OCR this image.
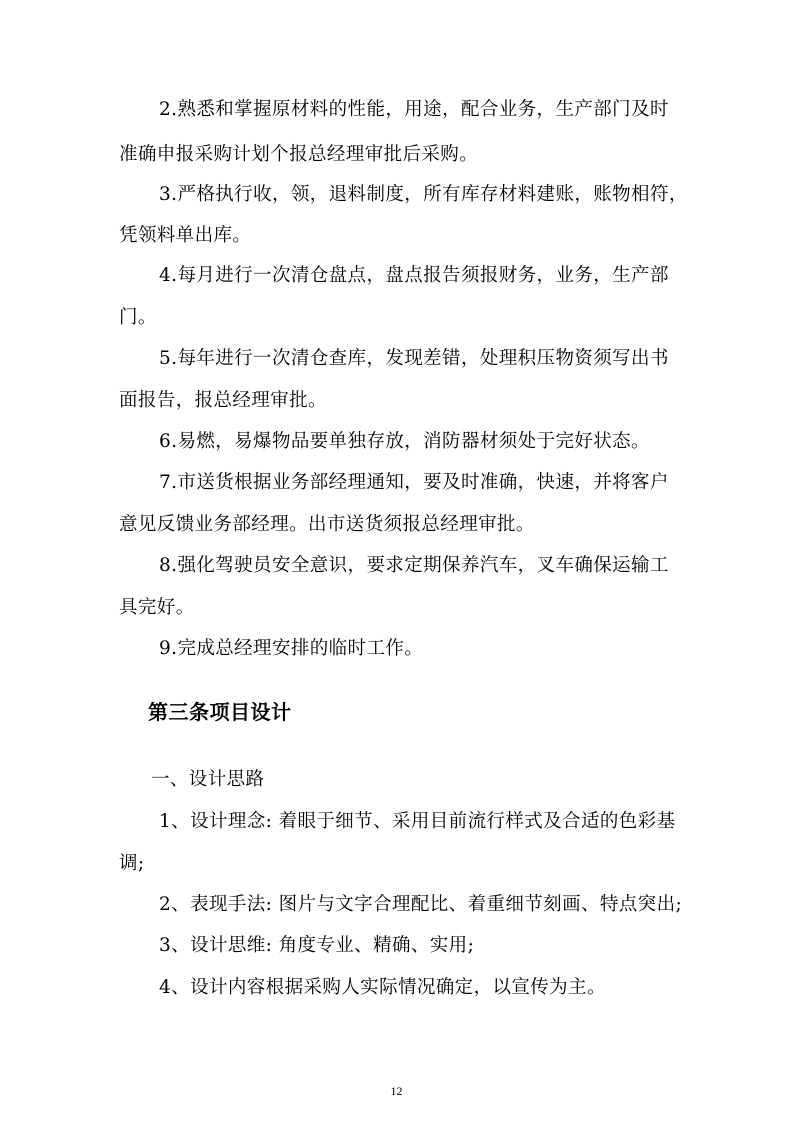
2.熟悉和掌握原材料的性能，用途，配合业务，生产部门及时
准确申报采购计划个报总经理审批后采购。
3.严格执行收，领，退料制度，所有库存材料建账，账物相符，
凭领料单出库。
4.每月进行一次清仓盘点，盘点报告须报财务，业务，生产部
门。
5.每年进行一次清仓查库，发现差错，处理积压物资须写出书
面报告，报总经理审批。
6.易燃，易爆物品要单独存放，消防器材须处于完好状态。
7.市送货根据业务部经理通知，要及时准确，快速，并将客户
意见反馈业务部经理。出市送货须报总经理审批。
8.强化驾驶员安全意识，要求定期保养汽车，叉车确保运输工
具完好。
9.完成总经理安排的临时工作。
第三条项目设计
一、设计思路
1、设计理念: 着眼于细节、采用目前流行样式及合适的色彩基
调;
2、表现手法: 图片与文字合理配比、着重细节刻画、特点突出;
3、设计思维: 角度专业、精确、实用;
4、设计内容根据采购人实际情况确定，以宣传为主。
12
